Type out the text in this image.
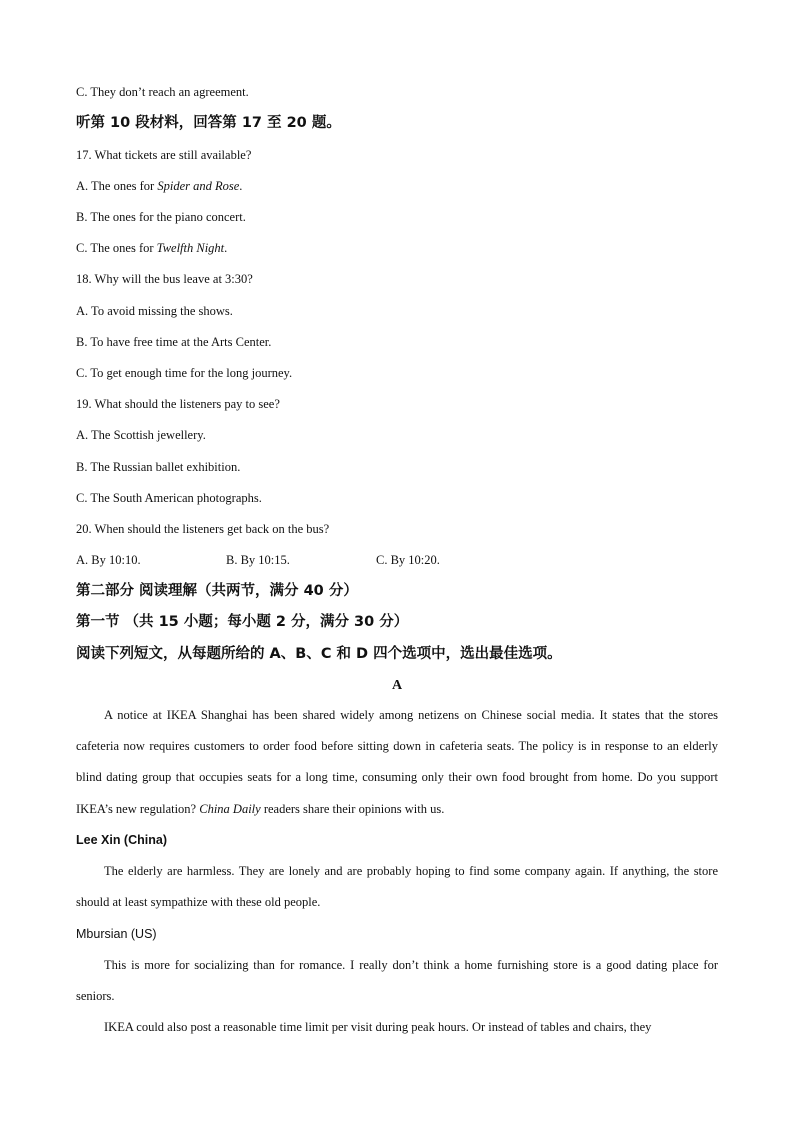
C. They don’t reach an agreement.
听第 10 段材料，回答第 17 至 20 题。
17. What tickets are still available?
A. The ones for Spider and Rose.
B. The ones for the piano concert.
C. The ones for Twelfth Night.
18. Why will the bus leave at 3:30?
A. To avoid missing the shows.
B. To have free time at the Arts Center.
C. To get enough time for the long journey.
19. What should the listeners pay to see?
A. The Scottish jewellery.
B. The Russian ballet exhibition.
C. The South American photographs.
20. When should the listeners get back on the bus?
A. By 10:10.	B. By 10:15.	C. By 10:20.
第二部分 阅读理解（共两节，满分 40 分）
第一节 （共 15 小题；每小题 2 分，满分 30 分）
阅读下列短文，从每题所给的 A、B、C 和 D 四个选项中，选出最佳选项。
A
A notice at IKEA Shanghai has been shared widely among netizens on Chinese social media. It states that the stores cafeteria now requires customers to order food before sitting down in cafeteria seats. The policy is in response to an elderly blind dating group that occupies seats for a long time, consuming only their own food brought from home. Do you support IKEA’s new regulation? China Daily readers share their opinions with us.
Lee Xin (China)
The elderly are harmless. They are lonely and are probably hoping to find some company again. If anything, the store should at least sympathize with these old people.
Mbursian (US)
This is more for socializing than for romance. I really don’t think a home furnishing store is a good dating place for seniors.
IKEA could also post a reasonable time limit per visit during peak hours. Or instead of tables and chairs, they
